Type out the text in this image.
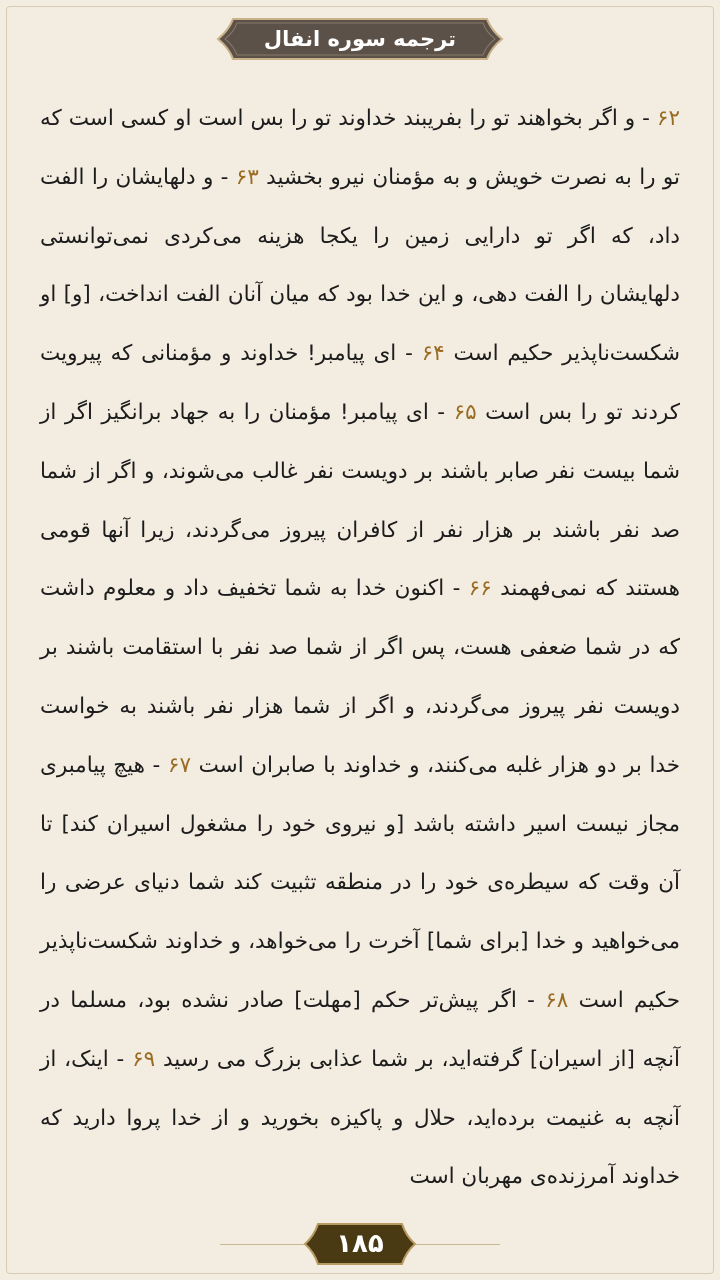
ترجمه سوره انفال

۶۲ - و اگر بخواهند تو را بفریبند خداوند تو را بس است او کسی است که تو را به نصرت خویش و به مؤمنان نیرو بخشید ۶۳ - و دلهایشان را الفت داد، که اگر تو دارایی زمین را یکجا هزینه می‌کردی نمی‌توانستی دلهایشان را الفت دهی، و این خدا بود که میان آنان الفت انداخت، [و] او شکست‌ناپذیر حکیم است ۶۴ - ای پیامبر! خداوند و مؤمنانی که پیرویت کردند تو را بس است ۶۵ - ای پیامبر! مؤمنان را به جهاد برانگیز اگر از شما بیست نفر صابر باشند بر دویست نفر غالب می‌شوند، و اگر از شما صد نفر باشند بر هزار نفر از کافران پیروز می‌گردند، زیرا آنها قومی هستند که نمی‌فهمند ۶۶ - اکنون خدا به شما تخفیف داد و معلوم داشت که در شما ضعفی هست، پس اگر از شما صد نفر با استقامت باشند بر دویست نفر پیروز می‌گردند، و اگر از شما هزار نفر باشند به خواست خدا بر دو هزار غلبه می‌کنند، و خداوند با صابران است ۶۷ - هیچ پیامبری مجاز نیست اسیر داشته باشد [و نیروی خود را مشغول اسیران کند] تا آن وقت که سیطره‌ی خود را در منطقه تثبیت کند شما دنیای عرضی را می‌خواهید و خدا [برای شما] آخرت را می‌خواهد، و خداوند شکست‌ناپذیر حکیم است ۶۸ - اگر پیش‌تر حکم [مهلت] صادر نشده بود، مسلما در آنچه [از اسیران] گرفته‌اید، بر شما عذابی بزرگ می رسید ۶۹ - اینک، از آنچه به غنیمت برده‌اید، حلال و پاکیزه بخورید و از خدا پروا دارید که خداوند آمرزنده‌ی مهربان است

۱۸۵
